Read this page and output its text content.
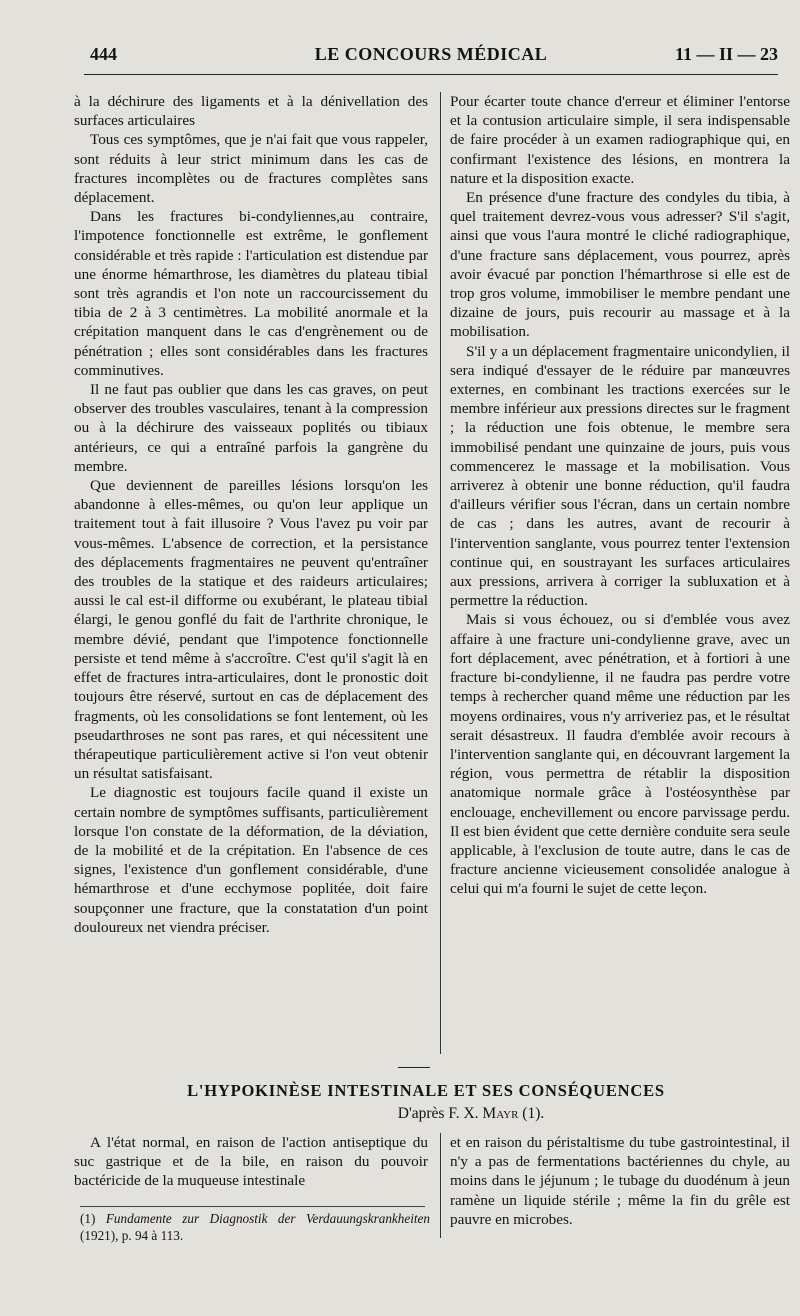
444	LE CONCOURS MÉDICAL	11 — II — 23

à la déchirure des ligaments et à la dénivellation des surfaces articulaires

Tous ces symptômes, que je n'ai fait que vous rappeler, sont réduits à leur strict minimum dans les cas de fractures incomplètes ou de fractures complètes sans déplacement.

Dans les fractures bi-condyliennes,au contraire, l'impotence fonctionnelle est extrême, le gonflement considérable et très rapide : l'articulation est distendue par une énorme hémarthrose, les diamètres du plateau tibial sont très agrandis et l'on note un raccourcissement du tibia de 2 à 3 centimètres. La mobilité anormale et la crépitation manquent dans le cas d'engrènement ou de pénétration ; elles sont considérables dans les fractures comminutives.

Il ne faut pas oublier que dans les cas graves, on peut observer des troubles vasculaires, tenant à la compression ou à la déchirure des vaisseaux poplités ou tibiaux antérieurs, ce qui a entraîné parfois la gangrène du membre.

Que deviennent de pareilles lésions lorsqu'on les abandonne à elles-mêmes, ou qu'on leur applique un traitement tout à fait illusoire ? Vous l'avez pu voir par vous-mêmes. L'absence de correction, et la persistance des déplacements fragmentaires ne peuvent qu'entraîner des troubles de la statique et des raideurs articulaires; aussi le cal est-il difforme ou exubérant, le plateau tibial élargi, le genou gonflé du fait de l'arthrite chronique, le membre dévié, pendant que l'impotence fonctionnelle persiste et tend même à s'accroître. C'est qu'il s'agit là en effet de fractures intra-articulaires, dont le pronostic doit toujours être réservé, surtout en cas de déplacement des fragments, où les consolidations se font lentement, où les pseudarthroses ne sont pas rares, et qui nécessitent une thérapeutique particulièrement active si l'on veut obtenir un résultat satisfaisant.

Le diagnostic est toujours facile quand il existe un certain nombre de symptômes suffisants, particulièrement lorsque l'on constate de la déformation, de la déviation, de la mobilité et de la crépitation. En l'absence de ces signes, l'existence d'un gonflement considérable, d'une hémarthrose et d'une ecchymose poplitée, doit faire soupçonner une fracture, que la constatation d'un point douloureux net viendra préciser.

Pour écarter toute chance d'erreur et éliminer l'entorse et la contusion articulaire simple, il sera indispensable de faire procéder à un examen radiographique qui, en confirmant l'existence des lésions, en montrera la nature et la disposition exacte.

En présence d'une fracture des condyles du tibia, à quel traitement devrez-vous vous adresser? S'il s'agit, ainsi que vous l'aura montré le cliché radiographique, d'une fracture sans déplacement, vous pourrez, après avoir évacué par ponction l'hémarthrose si elle est de trop gros volume, immobiliser le membre pendant une dizaine de jours, puis recourir au massage et à la mobilisation.

S'il y a un déplacement fragmentaire unicondylien, il sera indiqué d'essayer de le réduire par manœuvres externes, en combinant les tractions exercées sur le membre inférieur aux pressions directes sur le fragment ; la réduction une fois obtenue, le membre sera immobilisé pendant une quinzaine de jours, puis vous commencerez le massage et la mobilisation. Vous arriverez à obtenir une bonne réduction, qu'il faudra d'ailleurs vérifier sous l'écran, dans un certain nombre de cas ; dans les autres, avant de recourir à l'intervention sanglante, vous pourrez tenter l'extension continue qui, en soustrayant les surfaces articulaires aux pressions, arrivera à corriger la subluxation et à permettre la réduction.

Mais si vous échouez, ou si d'emblée vous avez affaire à une fracture uni-condylienne grave, avec un fort déplacement, avec pénétration, et à fortiori à une fracture bi-condylienne, il ne faudra pas perdre votre temps à rechercher quand même une réduction par les moyens ordinaires, vous n'y arriveriez pas, et le résultat serait désastreux. Il faudra d'emblée avoir recours à l'intervention sanglante qui, en découvrant largement la région, vous permettra de rétablir la disposition anatomique normale grâce à l'ostéosynthèse par enclouage, enchevillement ou encore parvissage perdu. Il est bien évident que cette dernière conduite sera seule applicable, à l'exclusion de toute autre, dans le cas de fracture ancienne vicieusement consolidée analogue à celui qui m'a fourni le sujet de cette leçon.

L'HYPOKINÈSE INTESTINALE ET SES CONSÉQUENCES
D'après F. X. Mayr (1).

A l'état normal, en raison de l'action antiseptique du suc gastrique et de la bile, en raison du pouvoir bactéricide de la muqueuse intestinale

et en raison du péristaltisme du tube gastrointestinal, il n'y a pas de fermentations bactériennes du chyle, au moins dans le jéjunum ; le tubage du duodénum à jeun ramène un liquide stérile ; même la fin du grêle est pauvre en microbes.

(1) Fundamente zur Diagnostik der Verdauungskrankheiten (1921), p. 94 à 113.
